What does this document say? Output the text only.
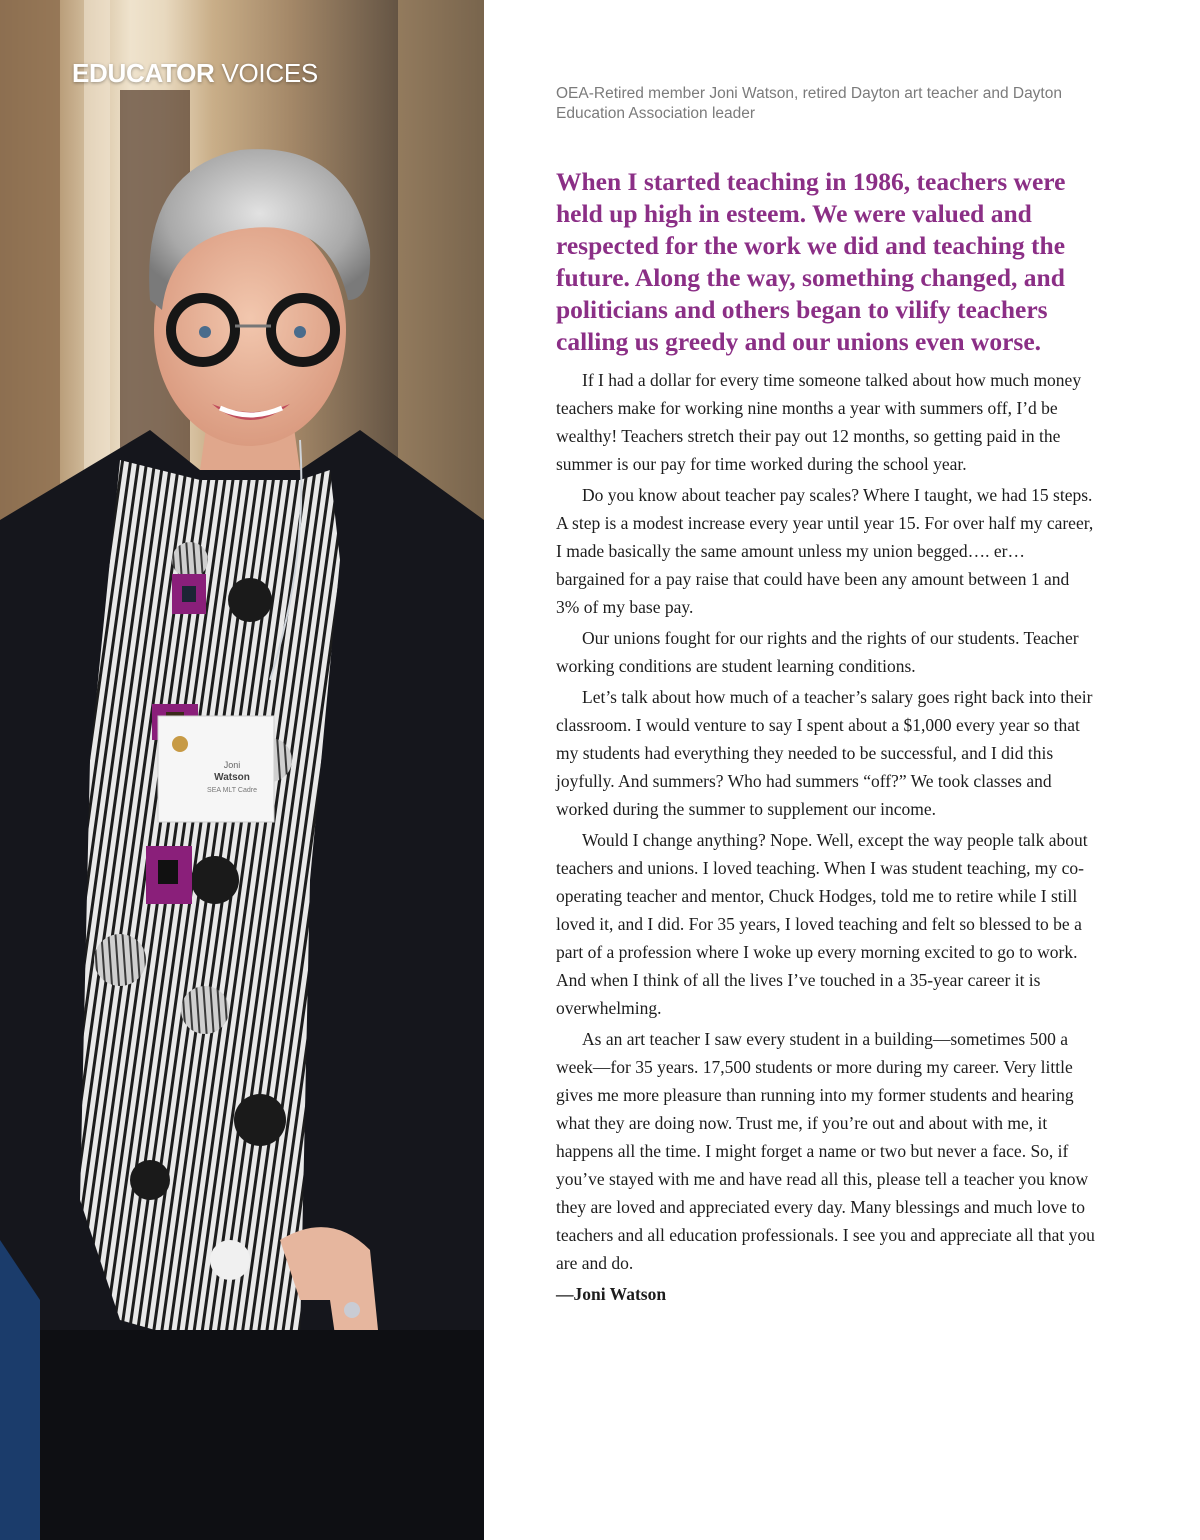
Joni
Watson
SEA MLT Cadre
EDUCATOR VOICES

OEA-Retired member Joni Watson, retired Dayton art teacher and Dayton Education Association leader

When I started teaching in 1986, teachers were held up high in esteem. We were valued and respected for the work we did and teaching the future. Along the way, something changed, and politicians and others began to vilify teachers calling us greedy and our unions even worse.

If I had a dollar for every time someone talked about how much money teachers make for working nine months a year with summers off, I’d be wealthy! Teachers stretch their pay out 12 months, so getting paid in the summer is our pay for time worked during the school year.

Do you know about teacher pay scales? Where I taught, we had 15 steps. A step is a modest increase every year until year 15. For over half my career, I made basically the same amount unless my union begged…. er… bargained for a pay raise that could have been any amount between 1 and 3% of my base pay.

Our unions fought for our rights and the rights of our students. Teacher working conditions are student learning conditions.

Let’s talk about how much of a teacher’s salary goes right back into their classroom. I would venture to say I spent about a $1,000 every year so that my students had everything they needed to be successful, and I did this joyfully. And summers? Who had summers “off?” We took classes and worked during the summer to supplement our income.

Would I change anything? Nope. Well, except the way people talk about teachers and unions. I loved teaching. When I was student teaching, my co-operating teacher and mentor, Chuck Hodges, told me to retire while I still loved it, and I did. For 35 years, I loved teaching and felt so blessed to be a part of a profession where I woke up every morning excited to go to work. And when I think of all the lives I’ve touched in a 35-year career it is overwhelming.

As an art teacher I saw every student in a building—sometimes 500 a week—for 35 years. 17,500 students or more during my career. Very little gives me more pleasure than running into my former students and hearing what they are doing now. Trust me, if you’re out and about with me, it happens all the time. I might forget a name or two but never a face. So, if you’ve stayed with me and have read all this, please tell a teacher you know they are loved and appreciated every day. Many blessings and much love to teachers and all education professionals. I see you and appreciate all that you are and do.

—Joni Watson
